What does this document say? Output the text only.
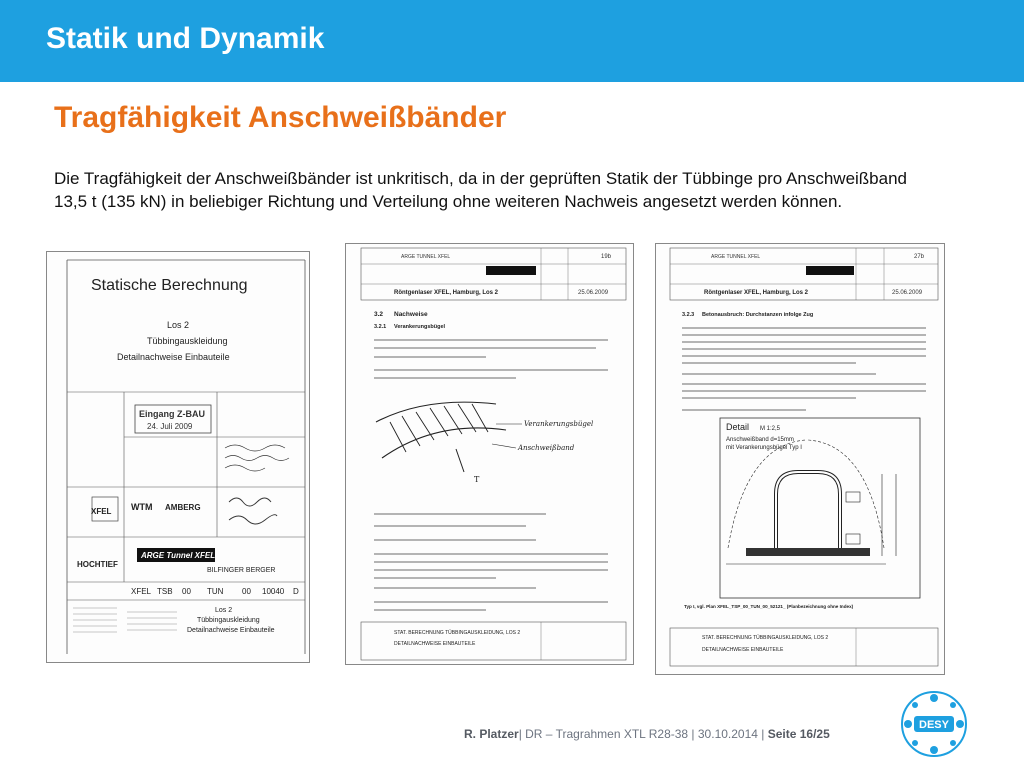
Statik und Dynamik
Tragfähigkeit Anschweißbänder
Die Tragfähigkeit der Anschweißbänder ist unkritisch, da in der geprüften Statik der Tübbinge pro Anschweißband 13,5 t (135 kN) in beliebiger Richtung und Verteilung ohne weiteren Nachweis angesetzt werden können.
Statische Berechnung
Los 2
Tübbingauskleidung
Detailnachweise Einbauteile
Eingang Z-BAU
24. Juli 2009
XFEL WTM AMBERG
HOCHTIEF
ARGE Tunnel XFEL
BILFINGER BERGER
XFEL TSB 00 TUN 00 10040 D
Los 2
Tübbingauskleidung
Detailnachweise Einbauteile
ARGE TUNNEL XFEL	19b
Röntgenlaser XFEL, Hamburg, Los 2	25.06.2009
3.2 Nachweise
3.2.1 Verankerungsbügel
T
Verankerungsbügel
Anschweißband
STAT. BERECHNUNG TÜBBINGAUSKLEIDUNG, LOS 2
DETAILNACHWEISE EINBAUTEILE
ARGE TUNNEL XFEL	27b
Röntgenlaser XFEL, Hamburg, Los 2	25.06.2009
3.2.3 Betonausbruch: Durchstanzen infolge Zug
Detail M 1:2,5
Anschweißband d=15mm
mit Verankerungsbügel Typ I
Typ I, vgl. Plan XFEL_TSP_00_TUN_00_52121_ (Planbezeichnung ohne Index)
STAT. BERECHNUNG TÜBBINGAUSKLEIDUNG, LOS 2
DETAILNACHWEISE EINBAUTEILE
R. Platzer| DR – Tragrahmen XTL R28-38 | 30.10.2014 | Seite 16/25
DESY
